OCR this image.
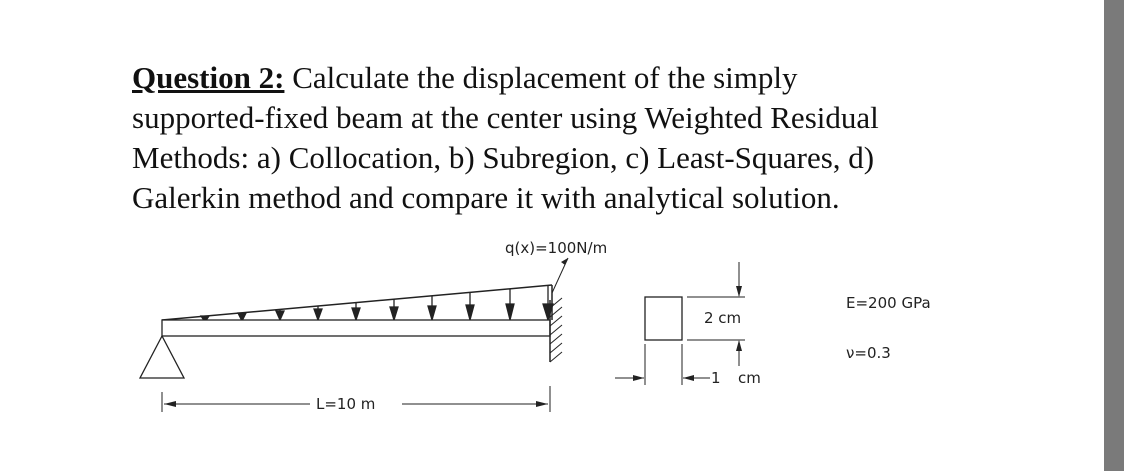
Question 2: Calculate the displacement of the simply
supported-fixed beam at the center using Weighted Residual
Methods: a) Collocation, b) Subregion, c) Least-Squares, d)
Galerkin method and compare it with analytical solution.
q(x)=100N/m
L=10 m
2 cm
1 cm
E=200 GPa
ν=0.3
